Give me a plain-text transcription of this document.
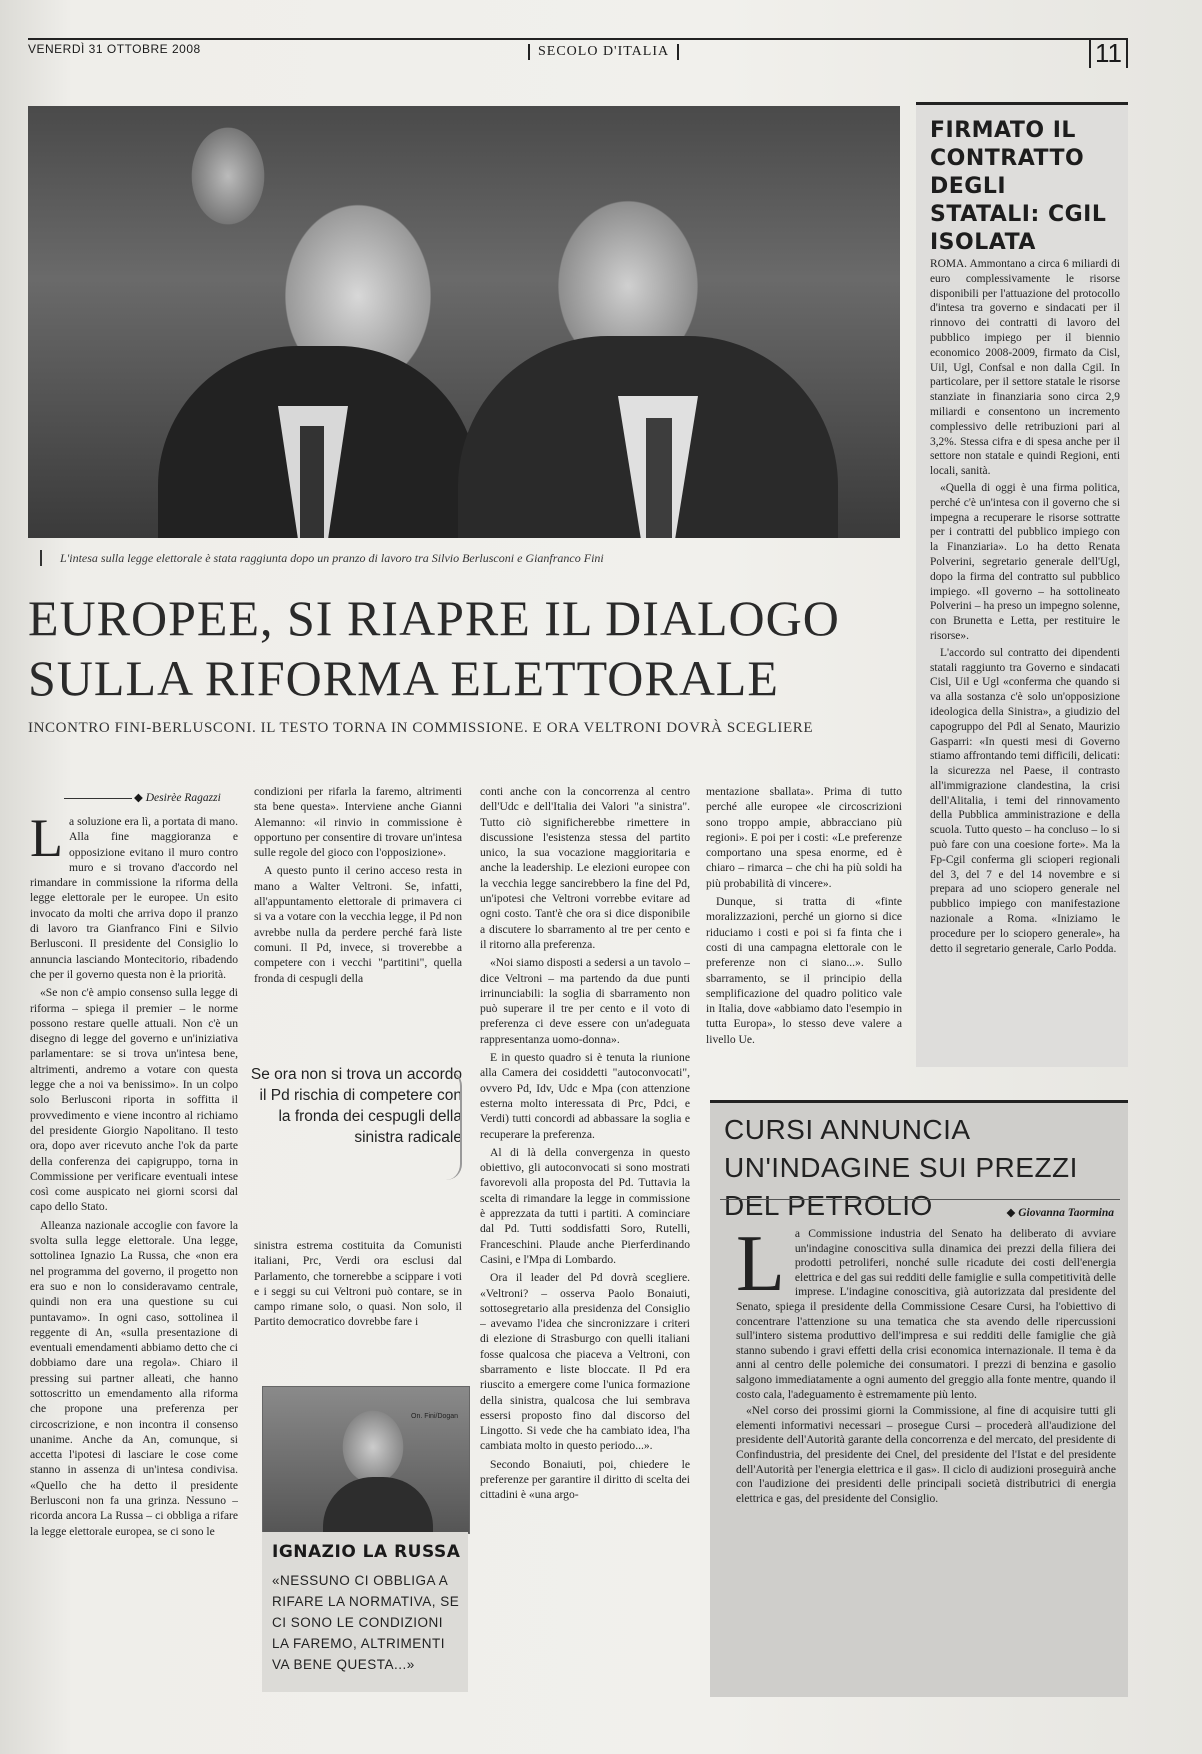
VENERDÌ 31 OTTOBRE 2008	SECOLO D'ITALIA	11
L'intesa sulla legge elettorale è stata raggiunta dopo un pranzo di lavoro tra Silvio Berlusconi e Gianfranco Fini
EUROPEE, SI RIAPRE IL DIALOGO SULLA RIFORMA ELETTORALE
INCONTRO FINI-BERLUSCONI. IL TESTO TORNA IN COMMISSIONE. E ORA VELTRONI DOVRÀ SCEGLIERE
◆ Desirèe Ragazzi
L a soluzione era lì, a portata di mano. Alla fine maggioranza e opposizione evitano il muro contro muro e si trovano d'accordo nel rimandare in commissione la riforma della legge elettorale per le europee. Un esito invocato da molti che arriva dopo il pranzo di lavoro tra Gianfranco Fini e Silvio Berlusconi. Il presidente del Consiglio lo annuncia lasciando Montecitorio, ribadendo che per il governo questa non è la priorità.

«Se non c'è ampio consenso sulla legge di riforma – spiega il premier – le norme possono restare quelle attuali. Non c'è un disegno di legge del governo e un'iniziativa parlamentare: se si trova un'intesa bene, altrimenti, andremo a votare con questa legge che a noi va benissimo». In un colpo solo Berlusconi riporta in soffitta il provvedimento e viene incontro al richiamo del presidente Giorgio Napolitano. Il testo ora, dopo aver ricevuto anche l'ok da parte della conferenza dei capigruppo, torna in Commissione per verificare eventuali intese così come auspicato nei giorni scorsi dal capo dello Stato.

Alleanza nazionale accoglie con favore la svolta sulla legge elettorale. Una legge, sottolinea Ignazio La Russa, che «non era nel programma del governo, il progetto non era suo e non lo consideravamo centrale, quindi non era una questione su cui puntavamo». In ogni caso, sottolinea il reggente di An, «sulla presentazione di eventuali emendamenti abbiamo detto che ci dobbiamo dare una regola». Chiaro il pressing sui partner alleati, che hanno sottoscritto un emendamento alla riforma che propone una preferenza per circoscrizione, e non incontra il consenso unanime. Anche da An, comunque, si accetta l'ipotesi di lasciare le cose come stanno in assenza di un'intesa condivisa. «Quello che ha detto il presidente Berlusconi non fa una grinza. Nessuno – ricorda ancora La Russa – ci obbliga a rifare la legge elettorale europea, se ci sono le

condizioni per rifarla la faremo, altrimenti sta bene questa». Interviene anche Gianni Alemanno: «il rinvio in commissione è opportuno per consentire di trovare un'intesa sulle regole del gioco con l'opposizione».

A questo punto il cerino acceso resta in mano a Walter Veltroni. Se, infatti, all'appuntamento elettorale di primavera ci si va a votare con la vecchia legge, il Pd non avrebbe nulla da perdere perché farà liste comuni. Il Pd, invece, si troverebbe a competere con i vecchi "partitini", quella fronda di cespugli della

Se ora non si trova un accordo il Pd rischia di competere con la fronda dei cespugli della sinistra radicale

sinistra estrema costituita da Comunisti italiani, Prc, Verdi ora esclusi dal Parlamento, che tornerebbe a scippare i voti e i seggi su cui Veltroni può contare, se in campo rimane solo, o quasi. Non solo, il Partito democratico dovrebbe fare i

On. Fini/Dogan
IGNAZIO LA RUSSA
«NESSUNO CI OBBLIGA A RIFARE LA NORMATIVA, SE CI SONO LE CONDIZIONI LA FAREMO, ALTRIMENTI VA BENE QUESTA...»

conti anche con la concorrenza al centro dell'Udc e dell'Italia dei Valori "a sinistra". Tutto ciò significherebbe rimettere in discussione l'esistenza stessa del partito unico, la sua vocazione maggioritaria e anche la leadership. Le elezioni europee con la vecchia legge sancirebbero la fine del Pd, un'ipotesi che Veltroni vorrebbe evitare ad ogni costo. Tant'è che ora si dice disponibile a discutere lo sbarramento al tre per cento e il ritorno alla preferenza.

«Noi siamo disposti a sedersi a un tavolo – dice Veltroni – ma partendo da due punti irrinunciabili: la soglia di sbarramento non può superare il tre per cento e il voto di preferenza ci deve essere con un'adeguata rappresentanza uomo-donna».

E in questo quadro si è tenuta la riunione alla Camera dei cosiddetti "autoconvocati", ovvero Pd, Idv, Udc e Mpa (con attenzione esterna molto interessata di Prc, Pdci, e Verdi) tutti concordi ad abbassare la soglia e recuperare la preferenza.

Al di là della convergenza in questo obiettivo, gli autoconvocati si sono mostrati favorevoli alla proposta del Pd. Tuttavia la scelta di rimandare la legge in commissione è apprezzata da tutti i partiti. A cominciare dal Pd. Tutti soddisfatti Soro, Rutelli, Franceschini. Plaude anche Pierferdinando Casini, e l'Mpa di Lombardo.

Ora il leader del Pd dovrà scegliere. «Veltroni? – osserva Paolo Bonaiuti, sottosegretario alla presidenza del Consiglio – avevamo l'idea che sincronizzare i criteri di elezione di Strasburgo con quelli italiani fosse qualcosa che piaceva a Veltroni, con sbarramento e liste bloccate. Il Pd era riuscito a emergere come l'unica formazione della sinistra, qualcosa che lui sembrava essersi proposto fino dal discorso del Lingotto. Si vede che ha cambiato idea, l'ha cambiata molto in questo periodo...».

Secondo Bonaiuti, poi, chiedere le preferenze per garantire il diritto di scelta dei cittadini è «una argo-

mentazione sballata». Prima di tutto perché alle europee «le circoscrizioni sono troppo ampie, abbracciano più regioni». E poi per i costi: «Le preferenze comportano una spesa enorme, ed è chiaro – rimarca – che chi ha più soldi ha più probabilità di vincere».

Dunque, si tratta di «finte moralizzazioni, perché un giorno si dice riduciamo i costi e poi si fa finta che i costi di una campagna elettorale con le preferenze non ci siano...». Sullo sbarramento, se il principio della semplificazione del quadro politico vale in Italia, dove «abbiamo dato l'esempio in tutta Europa», lo stesso deve valere a livello Ue.

FIRMATO IL CONTRATTO DEGLI STATALI: CGIL ISOLATA

ROMA. Ammontano a circa 6 miliardi di euro complessivamente le risorse disponibili per l'attuazione del protocollo d'intesa tra governo e sindacati per il rinnovo dei contratti di lavoro del pubblico impiego per il biennio economico 2008-2009, firmato da Cisl, Uil, Ugl, Confsal e non dalla Cgil. In particolare, per il settore statale le risorse stanziate in finanziaria sono circa 2,9 miliardi e consentono un incremento complessivo delle retribuzioni pari al 3,2%. Stessa cifra e di spesa anche per il settore non statale e quindi Regioni, enti locali, sanità.

«Quella di oggi è una firma politica, perché c'è un'intesa con il governo che si impegna a recuperare le risorse sottratte per i contratti del pubblico impiego con la Finanziaria». Lo ha detto Renata Polverini, segretario generale dell'Ugl, dopo la firma del contratto sul pubblico impiego. «Il governo – ha sottolineato Polverini – ha preso un impegno solenne, con Brunetta e Letta, per restituire le risorse».

L'accordo sul contratto dei dipendenti statali raggiunto tra Governo e sindacati Cisl, Uil e Ugl «conferma che quando si va alla sostanza c'è solo un'opposizione ideologica della Sinistra», a giudizio del capogruppo del Pdl al Senato, Maurizio Gasparri: «In questi mesi di Governo stiamo affrontando temi difficili, delicati: la sicurezza nel Paese, il contrasto all'immigrazione clandestina, la crisi dell'Alitalia, i temi del rinnovamento della Pubblica amministrazione e della scuola. Tutto questo – ha concluso – lo si può fare con una coesione forte». Ma la Fp-Cgil conferma gli scioperi regionali del 3, del 7 e del 14 novembre e si prepara ad uno sciopero generale nel pubblico impiego con manifestazione nazionale a Roma. «Iniziamo le procedure per lo sciopero generale», ha detto il segretario generale, Carlo Podda.

CURSI ANNUNCIA UN'INDAGINE SUI PREZZI DEL PETROLIO	◆ Giovanna Taormina
L a Commissione industria del Senato ha deliberato di avviare un'indagine conoscitiva sulla dinamica dei prezzi della filiera dei prodotti petroliferi, nonché sulle ricadute dei costi dell'energia elettrica e del gas sui redditi delle famiglie e sulla competitività delle imprese. L'indagine conoscitiva, già autorizzata dal presidente del Senato, spiega il presidente della Commissione Cesare Cursi, ha l'obiettivo di concentrare l'attenzione su una tematica che sta avendo delle ripercussioni sull'intero sistema produttivo dell'impresa e sui redditi delle famiglie che già stanno subendo i gravi effetti della crisi economica internazionale. Il tema è da anni al centro delle polemiche dei consumatori. I prezzi di benzina e gasolio salgono immediatamente a ogni aumento del greggio alla fonte mentre, quando il costo cala, l'adeguamento è estremamente più lento.

«Nel corso dei prossimi giorni la Commissione, al fine di acquisire tutti gli elementi informativi necessari – prosegue Cursi – procederà all'audizione del presidente dell'Autorità garante della concorrenza e del mercato, del presidente di Confindustria, del presidente dei Cnel, del presidente del l'Istat e del presidente dell'Autorità per l'energia elettrica e il gas». Il ciclo di audizioni proseguirà anche con l'audizione dei presidenti delle principali società distributrici di energia elettrica e gas, del presidente del Consiglio.
